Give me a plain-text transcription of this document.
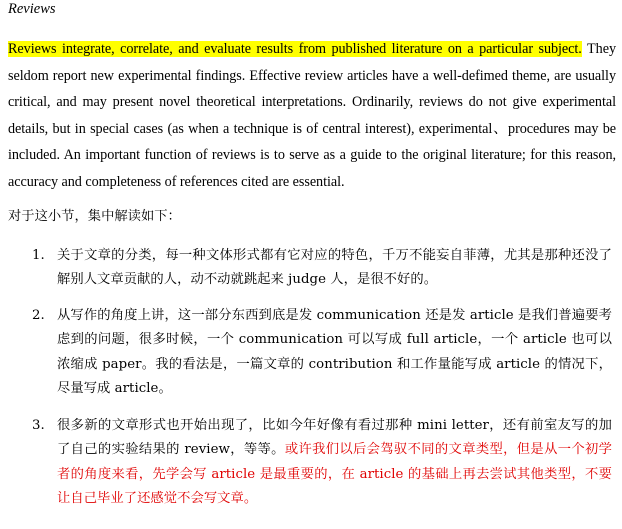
Reviews
Reviews integrate, correlate, and evaluate results from published literature on a particular subject. They seldom report new experimental findings. Effective review articles have a well-defimed theme, are usually critical, and may present novel theoretical interpretations. Ordinarily, reviews do not give experimental details, but in special cases (as when a technique is of central interest), experimental、procedures may be included. An important function of reviews is to serve as a guide to the original literature; for this reason, accuracy and completeness of references cited are essential.
对于这小节，集中解读如下：
1. 关于文章的分类，每一种文体形式都有它对应的特色，千万不能妄自菲薄，尤其是那种还没了解别人文章贡献的人，动不动就跳起来 judge 人，是很不好的。
2. 从写作的角度上讲，这一部分东西到底是发 communication 还是发 article 是我们普遍要考虑到的问题，很多时候，一个 communication 可以写成 full article，一个 article 也可以浓缩成 paper。我的看法是，一篇文章的 contribution 和工作量能写成 article 的情况下，尽量写成 article。
3. 很多新的文章形式也开始出现了，比如今年好像有看过那种 mini letter，还有前室友写的加了自己的实验结果的 review，等等。或许我们以后会驾驭不同的文章类型，但是从一个初学者的角度来看，先学会写 article 是最重要的，在 article 的基础上再去尝试其他类型，不要让自己毕业了还感觉不会写文章。
